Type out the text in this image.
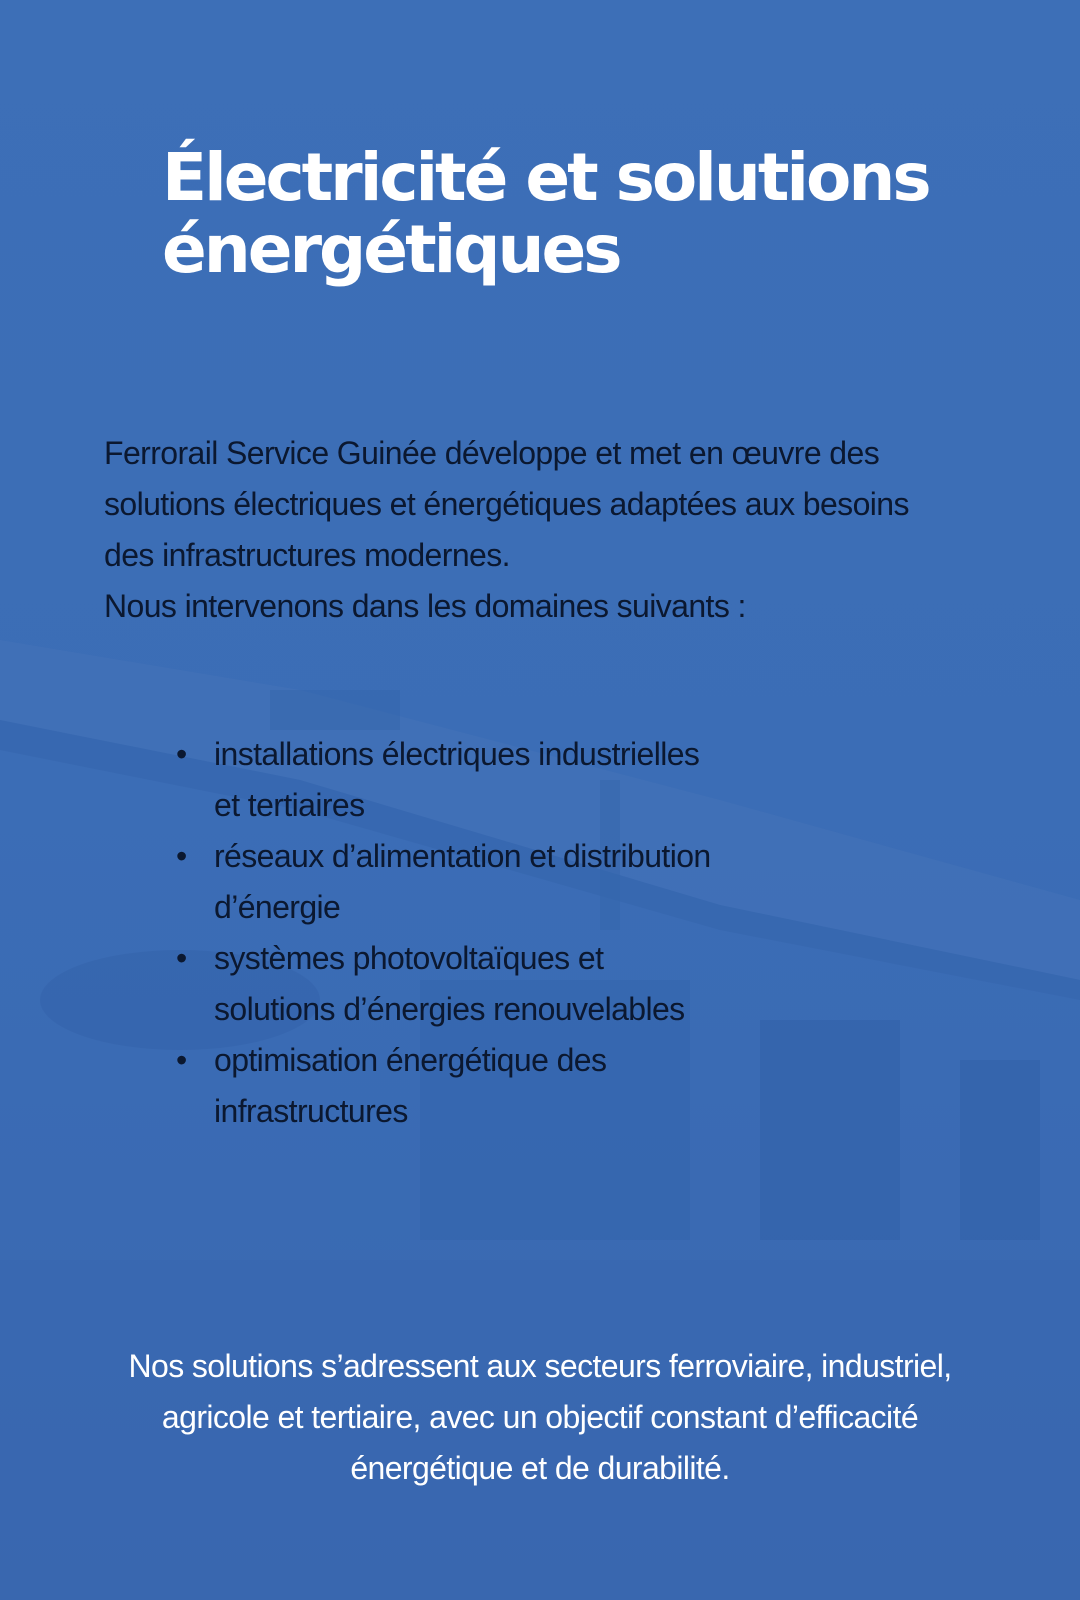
Électricité et solutions
énergétiques

Ferrorail Service Guinée développe et met en œuvre des

solutions électriques et énergétiques adaptées aux besoins

des infrastructures modernes.

Nous intervenons dans les domaines suivants :

• installations électriques industrielles
et tertiaires
• réseaux d’alimentation et distribution
d’énergie
• systèmes photovoltaïques et
solutions d’énergies renouvelables
• optimisation énergétique des
infrastructures
Nos solutions s’adressent aux secteurs ferroviaire, industriel,
agricole et tertiaire, avec un objectif constant d’efficacité
énergétique et de durabilité.
